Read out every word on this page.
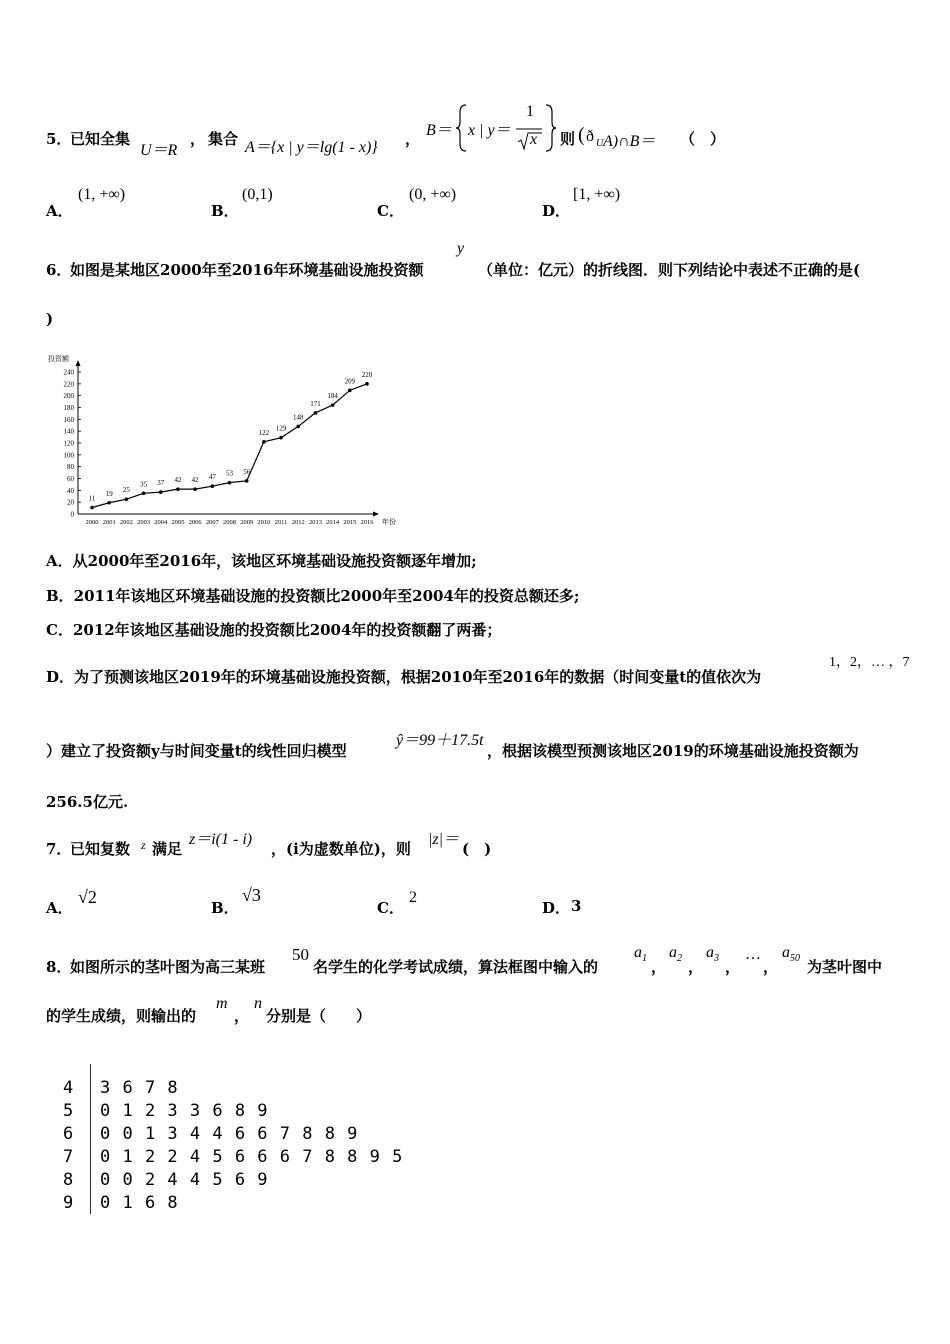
5．
已知全集
U＝R
， 集合 A＝{x | y＝lg(1 - x)} ， B＝ x | y＝
1
x 则 ( ð U A)∩B＝ （　）
A．
(1, +∞)
B．
(0,1)
C．
(0, +∞)
D．
[1, +∞)
6．
如图是某地区2000年至2016年环境基础设施投资额
y
（单位：亿元）的折线图．则下列结论中表述不正确的是(
)
0
20
40
60
80
100
120
140
160
180
200
220
240
2000 2001 2002 2003 2004 2005 2006 2007 2008 2009 2010 2011 2012 2013 2014 2015 2016
11
19 25
35 37 42 42 47 53 56
122
129
148
171
184
209
220
投资额
年份
A．从2000年至2016年，该地区环境基础设施投资额逐年增加;
B．2011年该地区环境基础设施的投资额比2000年至2004年的投资总额还多;
C．2012年该地区基础设施的投资额比2004年的投资额翻了两番；
D．为了预测该地区2019年的环境基础设施投资额，根据2010年至2016年的数据（时间变量t的值依次为
1，2，… ，7
）建立了投资额y与时间变量t的线性回归模型
ŷ＝99＋17.5t
，根据该模型预测该地区2019的环境基础设施投资额为
256.5亿元.
7．
已知复数 z 满足
z＝i(1 - i)
，(i为虚数单位)，则
|z|＝
(　)
A．
√2
B．
√3
C．
2
D． 3
8．
如图所示的茎叶图为高三某班
50
名学生的化学考试成绩，算法框图中输入的
$a_1$ ，
$a_2$ ，
$a_3$ ，
…
，
$a_{50}$ 为茎叶图中
的学生成绩，则输出的
m
，
n
分别是（　　）
4 3 6 7 8
5 0 1 2 3 3 6 8 9
6 0 0 1 3 4 4 6 6 7 8 8 9
7 0 1 2 2 4 5 6 6 6 7 8 8 9 5
8 0 0 2 4 4 5 6 9
9 0 1 6 8
